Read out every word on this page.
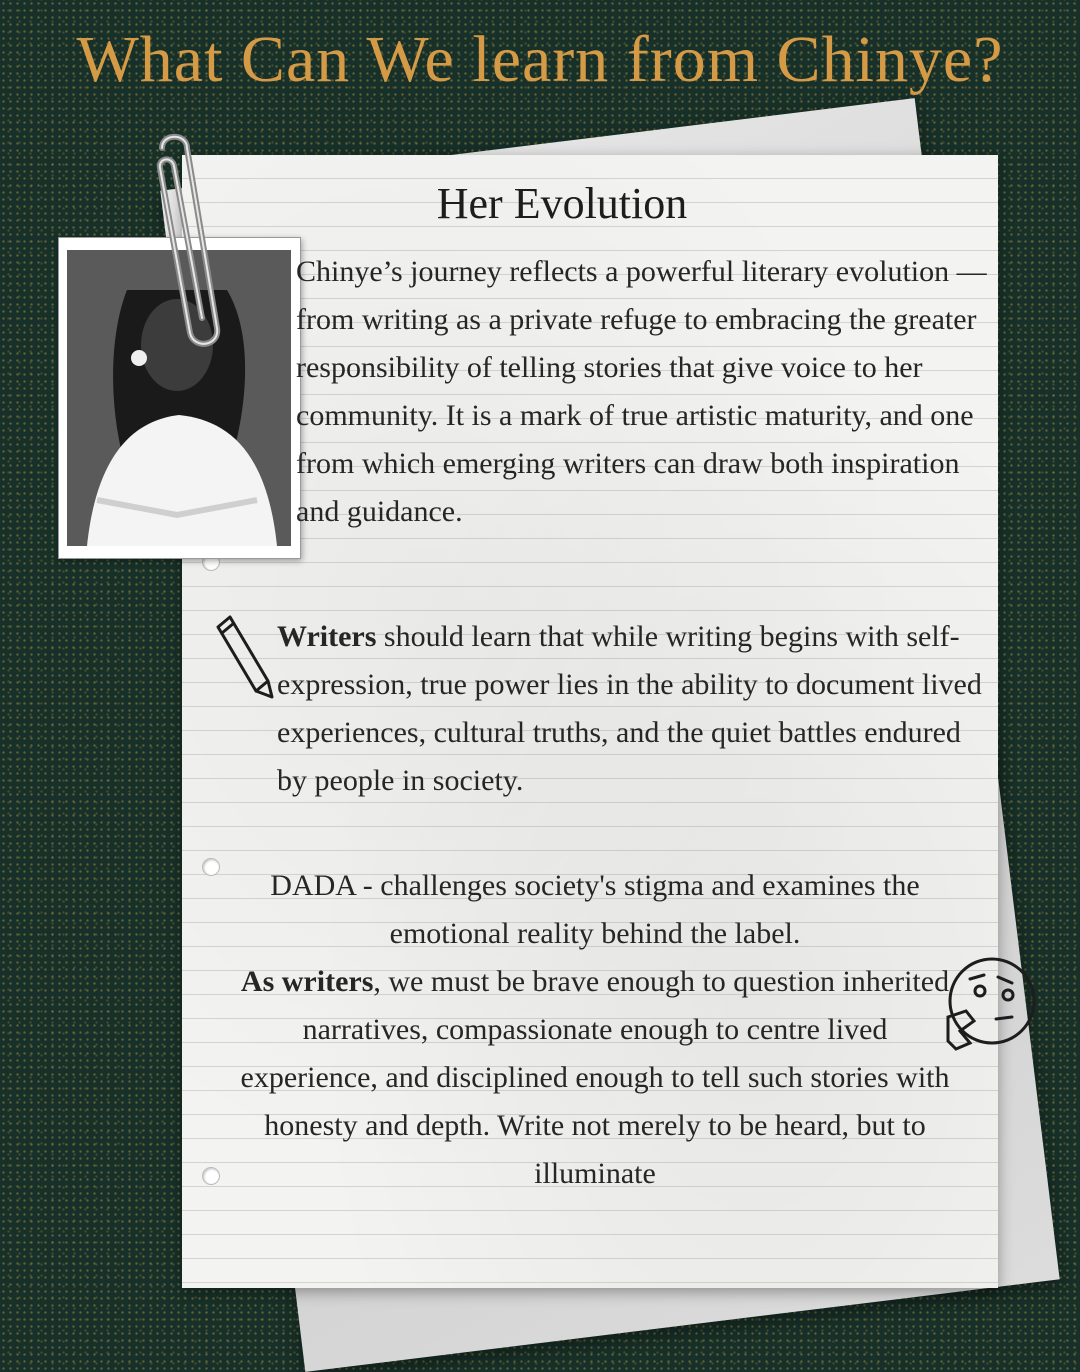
What Can We learn from Chinye?
Her Evolution

Chinye’s journey reflects a powerful literary evolution — from writing as a private refuge to embracing the greater responsibility of telling stories that give voice to her community. It is a mark of true artistic maturity, and one from which emerging writers can draw both inspiration and guidance.

Writers should learn that while writing begins with self-expression, true power lies in the ability to document lived experiences, cultural truths, and the quiet battles endured by people in society.

DADA - challenges society's stigma and examines the emotional reality behind the label.

As writers, we must be brave enough to question inherited narratives, compassionate enough to centre lived experience, and disciplined enough to tell such stories with honesty and depth. Write not merely to be heard, but to illuminate
